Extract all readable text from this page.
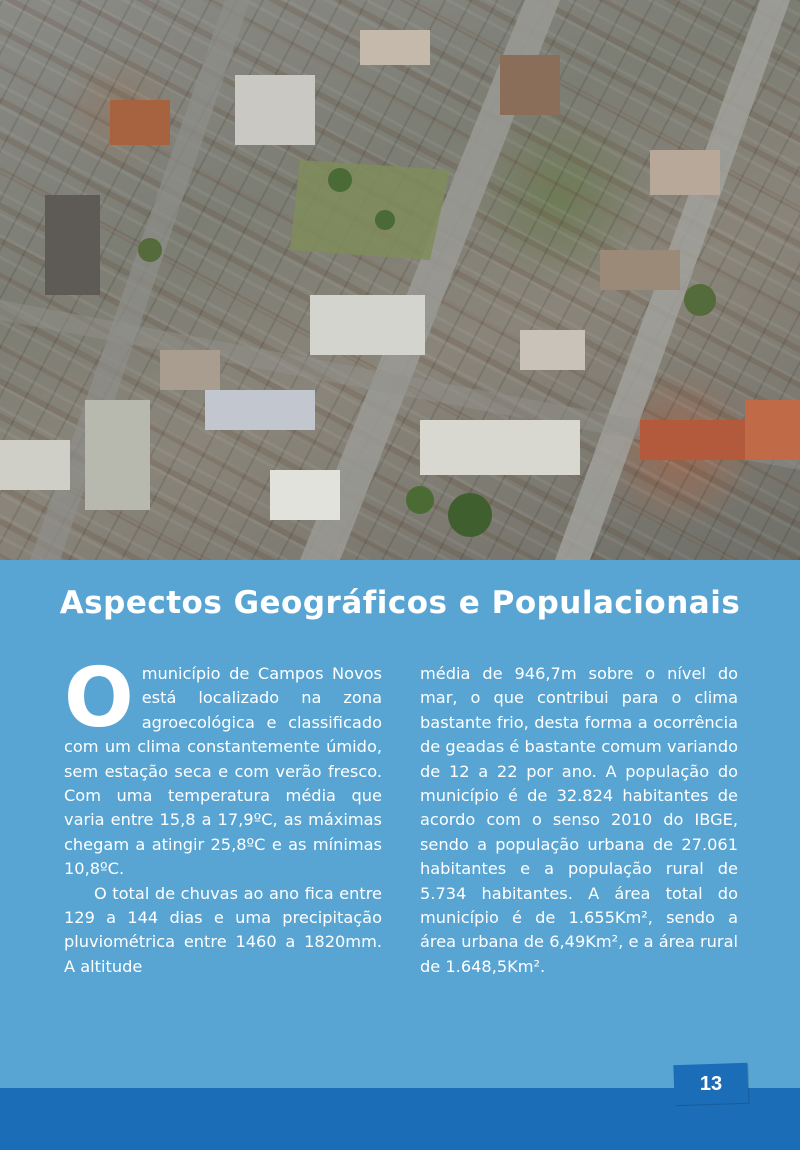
Aspectos Geográficos e Populacionais

Omunicípio de Campos Novos está localizado na zona agroecológica e classificado com um clima constantemente úmido, sem estação seca e com verão fresco. Com uma temperatura média que varia entre 15,8 a 17,9ºC, as máximas chegam a atingir 25,8ºC e as mínimas 10,8ºC.

O total de chuvas ao ano fica entre 129 a 144 dias e uma precipitação pluviométrica entre 1460 a 1820mm. A altitude

média de 946,7m sobre o nível do mar, o que contribui para o clima bastante frio, desta forma a ocorrência de geadas é bastante comum variando de 12 a 22 por ano. A população do município é de 32.824 habitantes de acordo com o senso 2010 do IBGE, sendo a população urbana de 27.061 habitantes e a população rural de 5.734 habitantes. A área total do município é de 1.655Km², sendo a área urbana de 6,49Km², e a área rural de 1.648,5Km².

13
